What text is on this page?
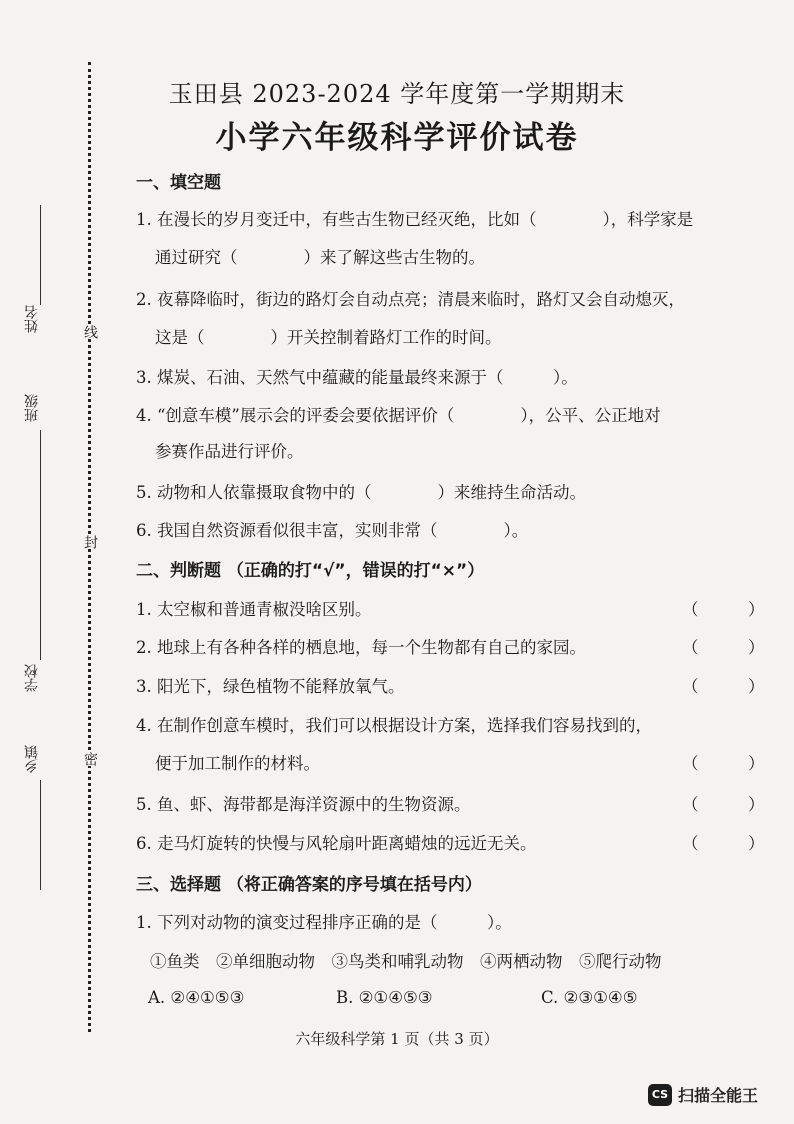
姓名
班级
学校
乡镇
线
封
密
玉田县 2023-2024 学年度第一学期期末
小学六年级科学评价试卷
一、填空题
1. 在漫长的岁月变迁中，有些古生物已经灭绝，比如（　　　　），科学家是
通过研究（　　　　）来了解这些古生物的。
2. 夜幕降临时，街边的路灯会自动点亮；清晨来临时，路灯又会自动熄灭，
这是（　　　　）开关控制着路灯工作的时间。
3. 煤炭、石油、天然气中蕴藏的能量最终来源于（　　　）。
4. “创意车模”展示会的评委会要依据评价（　　　　），公平、公正地对
参赛作品进行评价。
5. 动物和人依靠摄取食物中的（　　　　）来维持生命活动。
6. 我国自然资源看似很丰富，实则非常（　　　　）。
二、判断题 （正确的打“√”，错误的打“×”）
1. 太空椒和普通青椒没啥区别。	（　　　）
2. 地球上有各种各样的栖息地，每一个生物都有自己的家园。	（　　　）
3. 阳光下，绿色植物不能释放氧气。	（　　　）
4. 在制作创意车模时，我们可以根据设计方案，选择我们容易找到的，
便于加工制作的材料。	（　　　）
5. 鱼、虾、海带都是海洋资源中的生物资源。	（　　　）
6. 走马灯旋转的快慢与风轮扇叶距离蜡烛的远近无关。	（　　　）
三、选择题 （将正确答案的序号填在括号内）
1. 下列对动物的演变过程排序正确的是（　　　）。
①鱼类　②单细胞动物　③鸟类和哺乳动物　④两栖动物　⑤爬行动物
A. ②④①⑤③	B. ②①④⑤③	C. ②③①④⑤
六年级科学第 1 页（共 3 页）
CS 扫描全能王
